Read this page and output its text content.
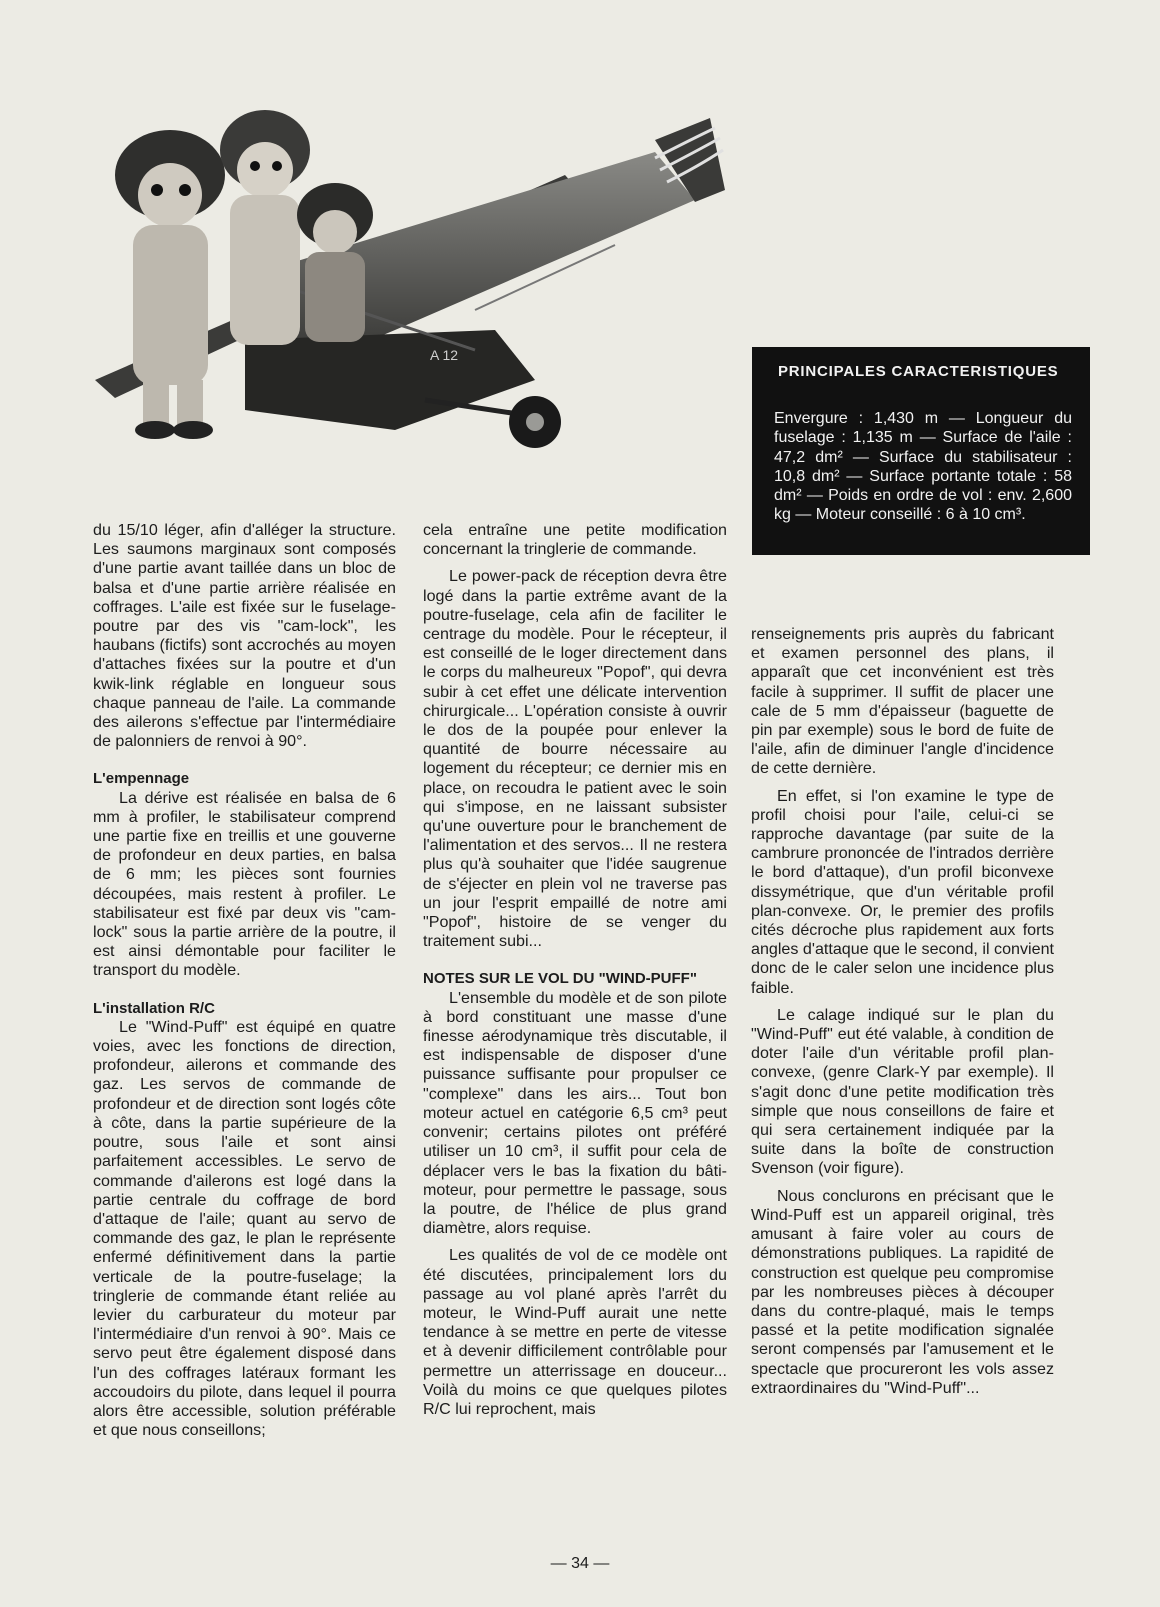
A 12
PRINCIPALES CARACTERISTIQUES

Envergure : 1,430 m — Longueur du fuselage : 1,135 m — Surface de l'aile : 47,2 dm² — Surface du stabilisateur : 10,8 dm² — Surface portante totale : 58 dm² — Poids en ordre de vol : env. 2,600 kg — Moteur conseillé : 6 à 10 cm³.

du 15/10 léger, afin d'alléger la structure. Les saumons marginaux sont composés d'une partie avant taillée dans un bloc de balsa et d'une partie arrière réalisée en coffrages. L'aile est fixée sur le fuselage-poutre par des vis "cam-lock", les haubans (fictifs) sont accrochés au moyen d'attaches fixées sur la poutre et d'un kwik-link réglable en longueur sous chaque panneau de l'aile. La commande des ailerons s'effectue par l'intermédiaire de palonniers de renvoi à 90°.

L'empennage

La dérive est réalisée en balsa de 6 mm à profiler, le stabilisateur comprend une partie fixe en treillis et une gouverne de profondeur en deux parties, en balsa de 6 mm; les pièces sont fournies découpées, mais restent à profiler. Le stabilisateur est fixé par deux vis "cam-lock" sous la partie arrière de la poutre, il est ainsi démontable pour faciliter le transport du modèle.

L'installation R/C

Le "Wind-Puff" est équipé en quatre voies, avec les fonctions de direction, profondeur, ailerons et commande des gaz. Les servos de commande de profondeur et de direction sont logés côte à côte, dans la partie supérieure de la poutre, sous l'aile et sont ainsi parfaitement accessibles. Le servo de commande d'ailerons est logé dans la partie centrale du coffrage de bord d'attaque de l'aile; quant au servo de commande des gaz, le plan le représente enfermé définitivement dans la partie verticale de la poutre-fuselage; la tringlerie de commande étant reliée au levier du carburateur du moteur par l'intermédiaire d'un renvoi à 90°. Mais ce servo peut être également disposé dans l'un des coffrages latéraux formant les accoudoirs du pilote, dans lequel il pourra alors être accessible, solution préférable et que nous conseillons;

cela entraîne une petite modification concernant la tringlerie de commande.

Le power-pack de réception devra être logé dans la partie extrême avant de la poutre-fuselage, cela afin de faciliter le centrage du modèle. Pour le récepteur, il est conseillé de le loger directement dans le corps du malheureux "Popof", qui devra subir à cet effet une délicate intervention chirurgicale... L'opération consiste à ouvrir le dos de la poupée pour enlever la quantité de bourre nécessaire au logement du récepteur; ce dernier mis en place, on recoudra le patient avec le soin qui s'impose, en ne laissant subsister qu'une ouverture pour le branchement de l'alimentation et des servos... Il ne restera plus qu'à souhaiter que l'idée saugrenue de s'éjecter en plein vol ne traverse pas un jour l'esprit empaillé de notre ami "Popof", histoire de se venger du traitement subi...

NOTES SUR LE VOL DU "WIND-PUFF"

L'ensemble du modèle et de son pilote à bord constituant une masse d'une finesse aérodynamique très discutable, il est indispensable de disposer d'une puissance suffisante pour propulser ce "complexe" dans les airs... Tout bon moteur actuel en catégorie 6,5 cm³ peut convenir; certains pilotes ont préféré utiliser un 10 cm³, il suffit pour cela de déplacer vers le bas la fixation du bâti-moteur, pour permettre le passage, sous la poutre, de l'hélice de plus grand diamètre, alors requise.

Les qualités de vol de ce modèle ont été discutées, principalement lors du passage au vol plané après l'arrêt du moteur, le Wind-Puff aurait une nette tendance à se mettre en perte de vitesse et à devenir difficilement contrôlable pour permettre un atterrissage en douceur... Voilà du moins ce que quelques pilotes R/C lui reprochent, mais

renseignements pris auprès du fabricant et examen personnel des plans, il apparaît que cet inconvénient est très facile à supprimer. Il suffit de placer une cale de 5 mm d'épaisseur (baguette de pin par exemple) sous le bord de fuite de l'aile, afin de diminuer l'angle d'incidence de cette dernière.

En effet, si l'on examine le type de profil choisi pour l'aile, celui-ci se rapproche davantage (par suite de la cambrure prononcée de l'intrados derrière le bord d'attaque), d'un profil biconvexe dissymétrique, que d'un véritable profil plan-convexe. Or, le premier des profils cités décroche plus rapidement aux forts angles d'attaque que le second, il convient donc de le caler selon une incidence plus faible.

Le calage indiqué sur le plan du "Wind-Puff" eut été valable, à condition de doter l'aile d'un véritable profil plan-convexe, (genre Clark-Y par exemple). Il s'agit donc d'une petite modification très simple que nous conseillons de faire et qui sera certainement indiquée par la suite dans la boîte de construction Svenson (voir figure).

Nous conclurons en précisant que le Wind-Puff est un appareil original, très amusant à faire voler au cours de démonstrations publiques. La rapidité de construction est quelque peu compromise par les nombreuses pièces à découper dans du contre-plaqué, mais le temps passé et la petite modification signalée seront compensés par l'amusement et le spectacle que procureront les vols assez extraordinaires du "Wind-Puff"...

— 34 —
